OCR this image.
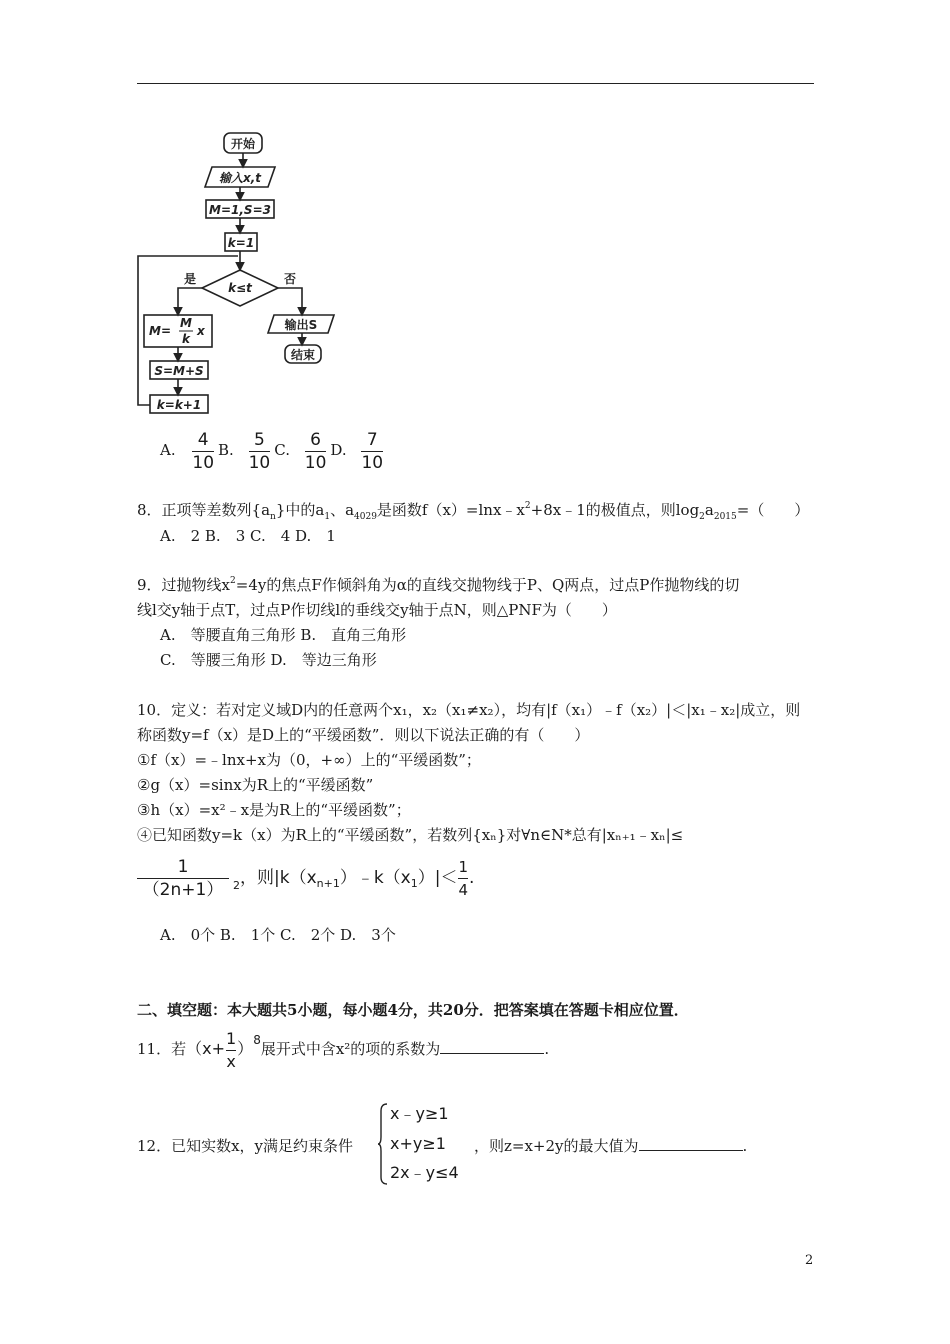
开始
输入x,t
M=1,S=3
k=1
k≤t
是	否
M=
M
k
x
S=M+S
k=k+1
输出S
结束
A. $\frac{4}{10} B$. $\frac{5}{10} C$. $\frac{6}{10} D$. $\frac{7}{10}$
8．正项等差数列$\{a_n\}$中的$a_1$、$a_{4029}$是函数$f(x)=\ln x﹣x^2+8x﹣1$的极值点，则$\log_2a_{2015}=$（　　）
A.　2 B.　3 C.　4 D.　1
9．过抛物线$x^2=4y$的焦点F作倾斜角为α的直线交抛物线于P、Q两点，过点P作抛物线的切
线l交y轴于点T，过点P作切线l的垂线交y轴于点N，则△PNF为（　　）
A.　等腰直角三角形 B.　直角三角形
C.　等腰三角形 D.　等边三角形
10．定义：若对定义域D内的任意两个x₁，x₂（x₁≠x₂），均有|f（x₁）﹣f（x₂）|＜|x₁﹣x₂|成立，则
称函数y=f（x）是D上的“平缓函数”．则以下说法正确的有（　　）
①f（x）=﹣lnx+x为（0，+∞）上的“平缓函数”；
②g（x）=sinx为R上的“平缓函数”
③h（x）=x²﹣x是为R上的“平缓函数”；
④已知函数y=k（x）为R上的“平缓函数”，若数列{xₙ}对∀n∈N*总有|xₙ₊₁﹣xₙ|≤
$\frac{1}{(2n+1)} _2$，则$|k(x_{n+1})﹣k(x_1)|< \frac{1}{4}$ .
A.　0个 B.　1个 C.　2个 D.　3个
二、填空题：本大题共5小题，每小题4分，共20分．把答案填在答题卡相应位置．
11．若$(x+ \frac{1}{x} )^8$展开式中含x²的项的系数为	.
12．已知实数x，y满足约束条件
x﹣y≥1
x+y≥1
2x﹣y≤4
，则z=x+2y的最大值为	.
2
